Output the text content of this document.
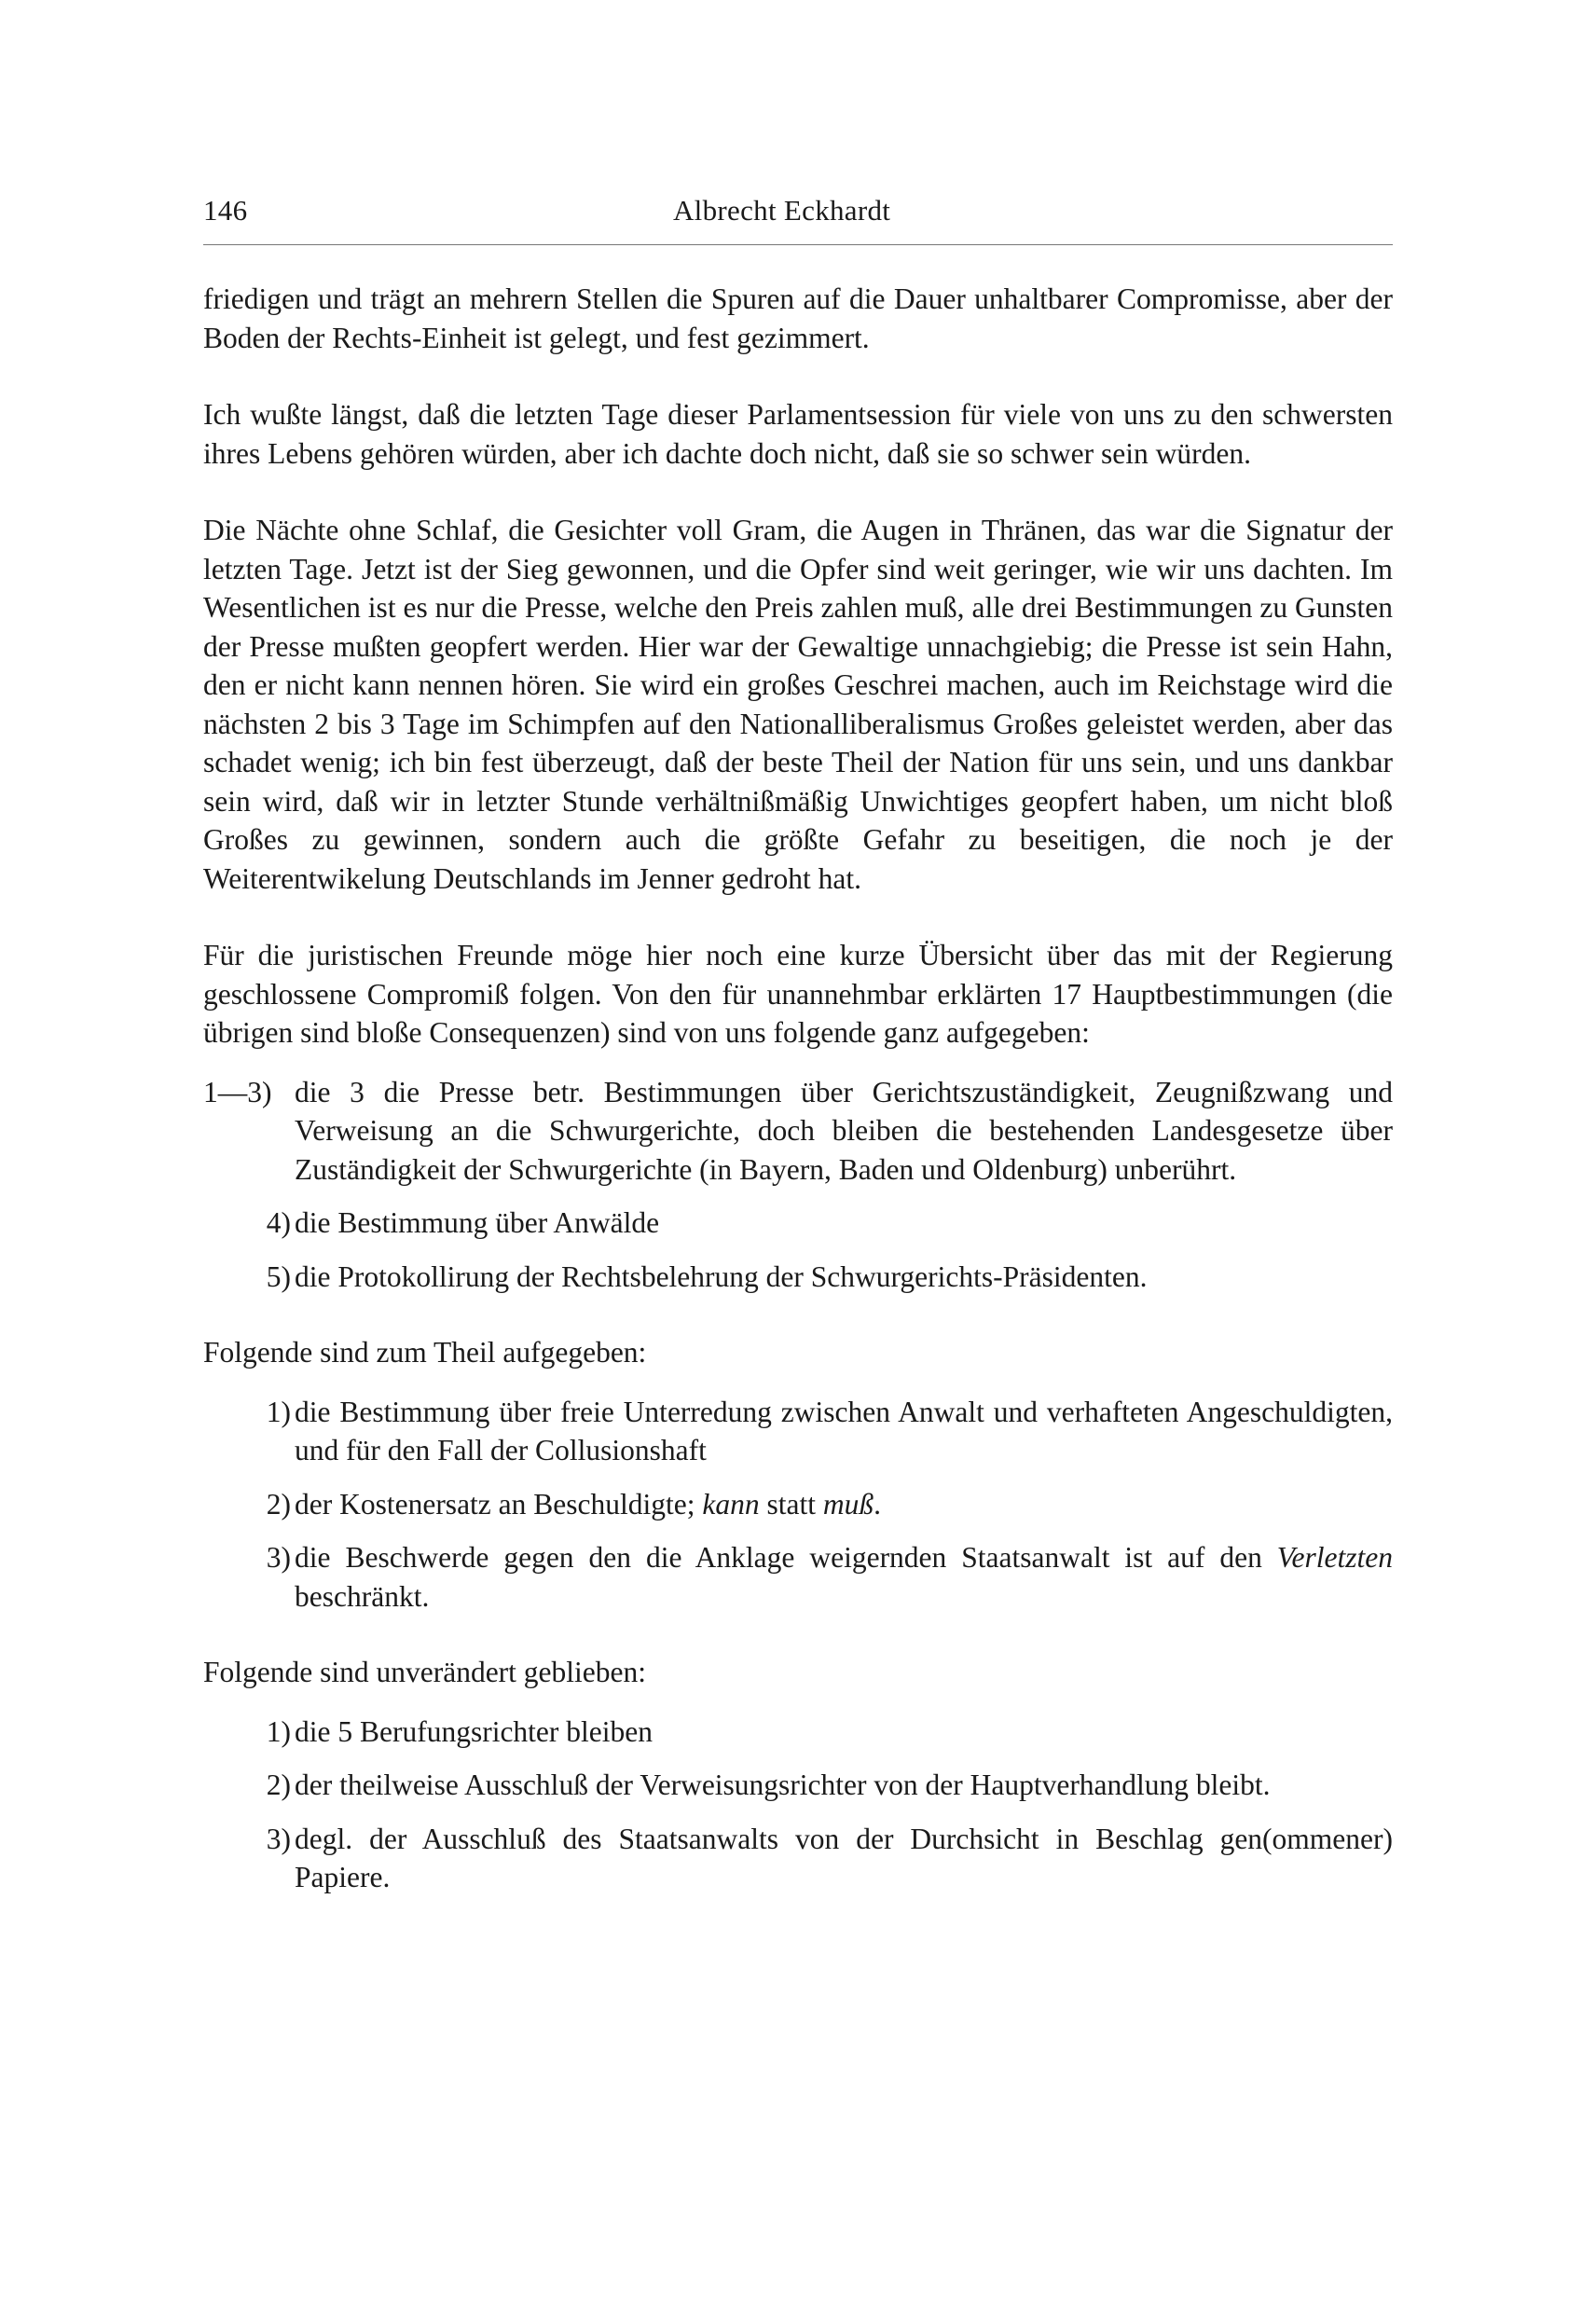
146	Albrecht Eckhardt

friedigen und trägt an mehrern Stellen die Spuren auf die Dauer unhaltbarer Compromisse, aber der Boden der Rechts-Einheit ist gelegt, und fest gezimmert.

Ich wußte längst, daß die letzten Tage dieser Parlamentsession für viele von uns zu den schwersten ihres Lebens gehören würden, aber ich dachte doch nicht, daß sie so schwer sein würden.

Die Nächte ohne Schlaf, die Gesichter voll Gram, die Augen in Thränen, das war die Signatur der letzten Tage. Jetzt ist der Sieg gewonnen, und die Opfer sind weit geringer, wie wir uns dachten. Im Wesentlichen ist es nur die Presse, welche den Preis zahlen muß, alle drei Bestimmungen zu Gunsten der Presse mußten geopfert werden. Hier war der Gewaltige unnachgiebig; die Presse ist sein Hahn, den er nicht kann nennen hören. Sie wird ein großes Geschrei machen, auch im Reichstage wird die nächsten 2 bis 3 Tage im Schimpfen auf den Nationalliberalismus Großes geleistet werden, aber das schadet wenig; ich bin fest überzeugt, daß der beste Theil der Nation für uns sein, und uns dankbar sein wird, daß wir in letzter Stunde verhältnißmäßig Unwichtiges geopfert haben, um nicht bloß Großes zu gewinnen, sondern auch die größte Gefahr zu beseitigen, die noch je der Weiterentwikelung Deutschlands im Jenner gedroht hat.

Für die juristischen Freunde möge hier noch eine kurze Übersicht über das mit der Regierung geschlossene Compromiß folgen. Von den für unannehmbar erklärten 17 Hauptbestimmungen (die übrigen sind bloße Consequenzen) sind von uns folgende ganz aufgegeben:

1—3) die 3 die Presse betr. Bestimmungen über Gerichtszuständigkeit, Zeugnißzwang und Verweisung an die Schwurgerichte, doch bleiben die bestehenden Landesgesetze über Zuständigkeit der Schwurgerichte (in Bayern, Baden und Oldenburg) unberührt.
4) die Bestimmung über Anwälde
5) die Protokollirung der Rechtsbelehrung der Schwurgerichts-Präsidenten.

Folgende sind zum Theil aufgegeben:

1) die Bestimmung über freie Unterredung zwischen Anwalt und verhafteten Angeschuldigten, und für den Fall der Collusionshaft
2) der Kostenersatz an Beschuldigte; kann statt muß.
3) die Beschwerde gegen den die Anklage weigernden Staatsanwalt ist auf den Verletzten beschränkt.

Folgende sind unverändert geblieben:

1) die 5 Berufungsrichter bleiben
2) der theilweise Ausschluß der Verweisungsrichter von der Hauptverhandlung bleibt.
3) degl. der Ausschluß des Staatsanwalts von der Durchsicht in Beschlag gen(ommener) Papiere.
